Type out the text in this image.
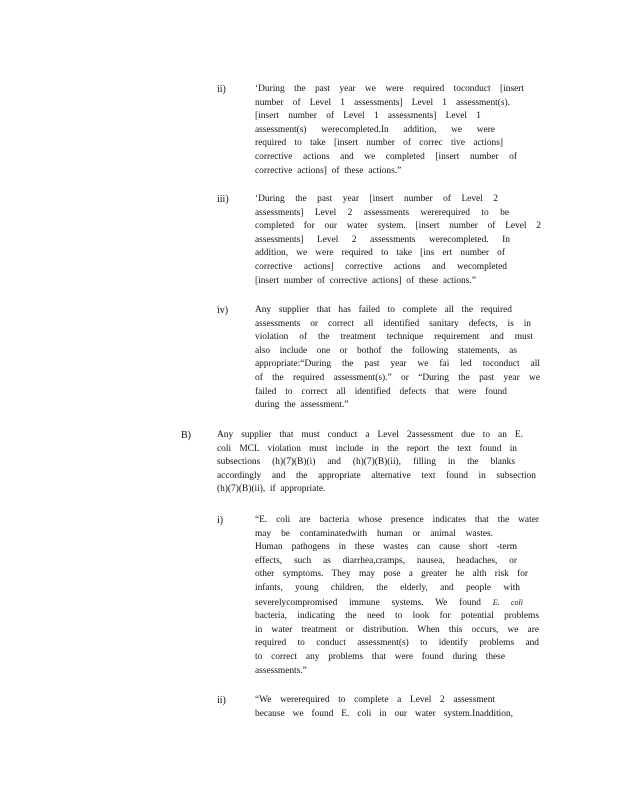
ii)	‘During the past year we were required toconduct [insert
number of Level 1 assessments] Level 1 assessment(s).
[insert number of Level 1 assessments] Level 1
assessment(s) werecompleted.In addition, we were
required to take [insert number of correc tive actions]
corrective actions and we completed [insert number of
corrective actions] of these actions.”
iii)	‘During the past year [insert number of Level 2
assessments] Level 2 assessments wererequired to be
completed for our water system. [insert number of Level 2
assessments] Level 2 assessments werecompleted. In
addition, we were required to take [ins ert number of
corrective actions] corrective actions and wecompleted
[insert number of corrective actions] of these actions.”
iv)	Any supplier that has failed to complete all the required
assessments or correct all identified sanitary defects, is in
violation of the treatment technique requirement and must
also include one or bothof the following statements, as
appropriate:“During the past year we fai led toconduct all
of the required assessment(s).” or “During the past year we
failed to correct all identified defects that were found
during the assessment.”
B)	Any supplier that must conduct a Level 2assessment due to an E.
coli MCL violation must include in the report the text found in
subsections (h)(7)(B)(i) and (h)(7)(B)(ii), filling in the blanks
accordingly and the appropriate alternative text found in subsection
(h)(7)(B)(ii), if appropriate.
i)	“E. coli are bacteria whose presence indicates that the water
may be contaminatedwith human or animal wastes.
Human pathogens in these wastes can cause short -term
effects, such as diarrhea,cramps, nausea, headaches, or
other symptoms. They may pose a greater he alth risk for
infants, young children, the elderly, and people with
severelycompromised immune systems. We found E. coli
bacteria, indicating the need to look for potential problems
in water treatment or distribution. When this occurs, we are
required to conduct assessment(s) to identify problems and
to correct any problems that were found during these
assessments.”
ii)	“We wererequired to complete a Level 2 assessment
because we found E. coli in our water system.Inaddition,
